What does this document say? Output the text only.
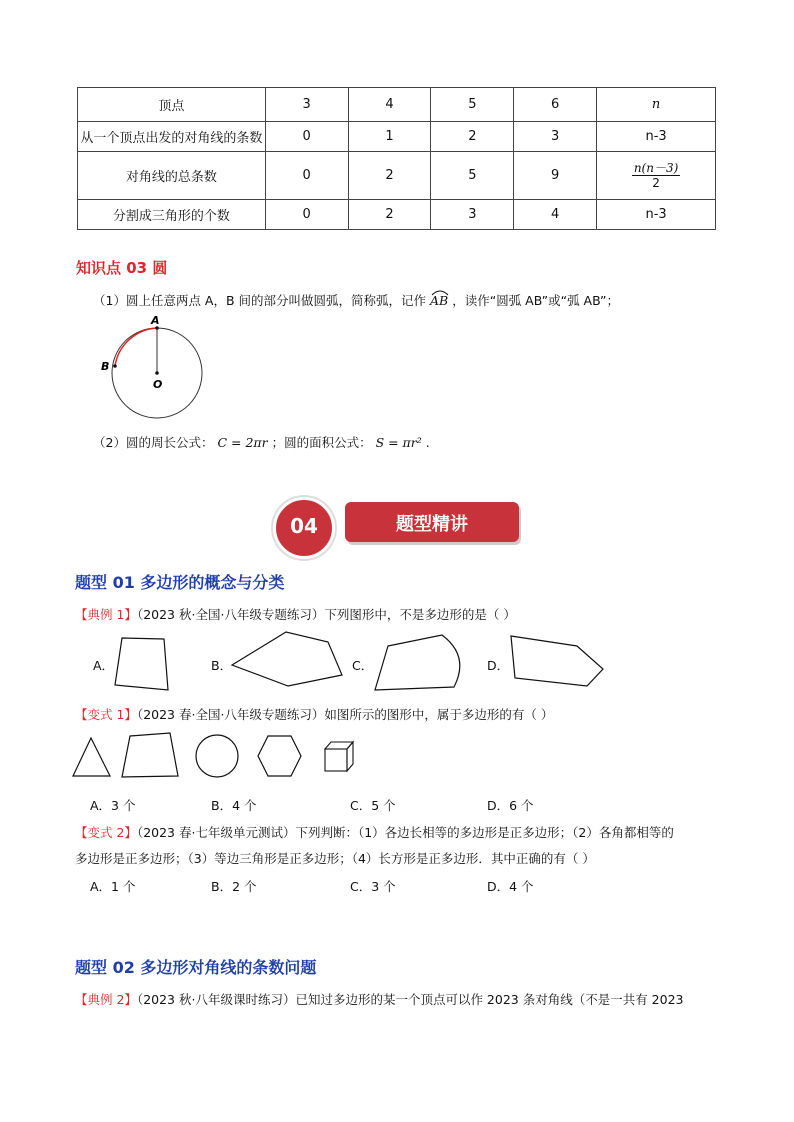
顶点	3	4	5	6	n
从一个顶点出发的对角线的条数	0	1	2	3	n-3
对角线的总条数	0	2	5	9	$\frac{n(n-3)}{2}$

分割成三角形的个数	0	2	3	4	n-3
知识点 03 圆
（1）圆上任意两点 A，B 间的部分叫做圆弧，简称弧，记作 AB ，读作“圆弧 AB”或“弧 AB”；
A
B
O
（2）圆的周长公式： C = 2πr ；圆的面积公式： S = πr² .
题型精讲
04
题型 01 多边形的概念与分类
【典例 1】（2023 秋·全国·八年级专题练习）下列图形中，不是多边形的是（ ）
A．	B．	C．	D．
【变式 1】（2023 春·全国·八年级专题练习）如图所示的图形中，属于多边形的有（ ）
A．3 个	B．4 个	C．5 个	D．6 个
【变式 2】（2023 春·七年级单元测试）下列判断：（1）各边长相等的多边形是正多边形；（2）各角都相等的
多边形是正多边形；（3）等边三角形是正多边形；（4）长方形是正多边形．其中正确的有（ ）
A．1 个	B．2 个	C．3 个	D．4 个
题型 02 多边形对角线的条数问题
【典例 2】（2023 秋·八年级课时练习）已知过多边形的某一个顶点可以作 2023 条对角线（不是一共有 2023
